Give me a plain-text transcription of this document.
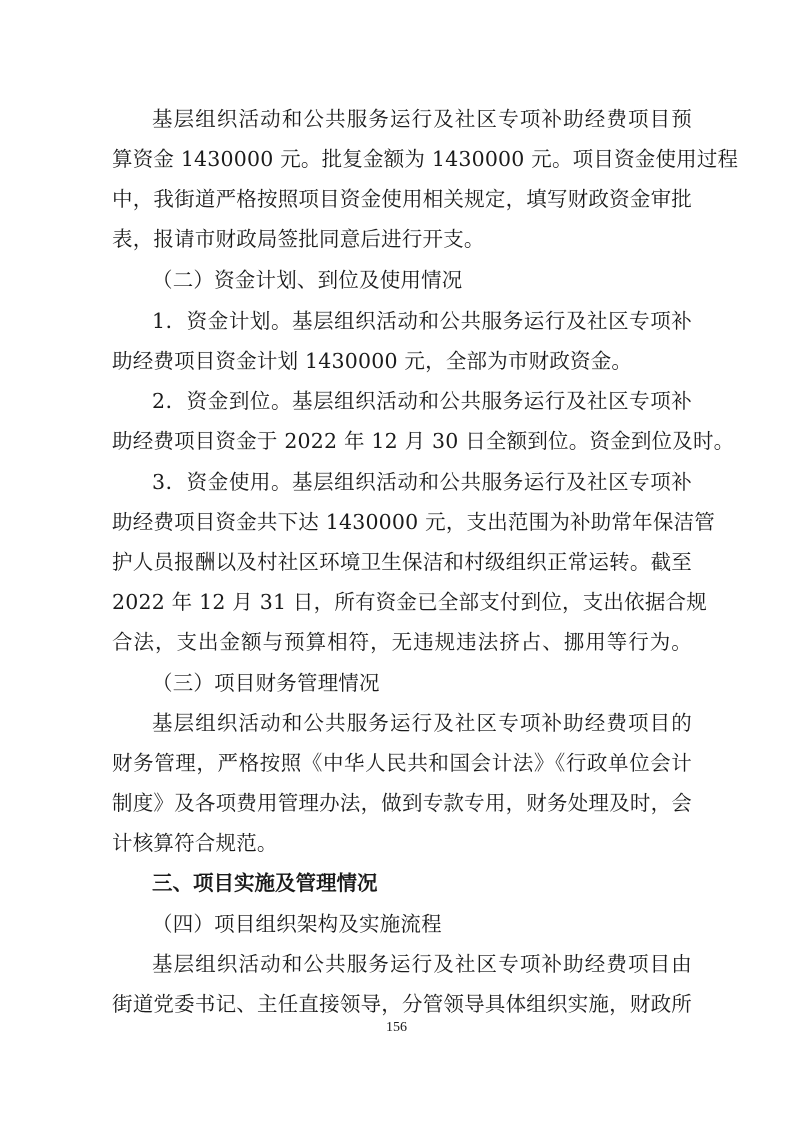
基层组织活动和公共服务运行及社区专项补助经费项目预
算资金 1430000 元。批复金额为 1430000 元。项目资金使用过程
中，我街道严格按照项目资金使用相关规定，填写财政资金审批
表，报请市财政局签批同意后进行开支。
（二）资金计划、到位及使用情况
1．资金计划。基层组织活动和公共服务运行及社区专项补
助经费项目资金计划 1430000 元，全部为市财政资金。
2．资金到位。基层组织活动和公共服务运行及社区专项补
助经费项目资金于 2022 年 12 月 30 日全额到位。资金到位及时。
3．资金使用。基层组织活动和公共服务运行及社区专项补
助经费项目资金共下达 1430000 元，支出范围为补助常年保洁管
护人员报酬以及村社区环境卫生保洁和村级组织正常运转。截至
2022 年 12 月 31 日，所有资金已全部支付到位，支出依据合规
合法，支出金额与预算相符，无违规违法挤占、挪用等行为。
（三）项目财务管理情况
基层组织活动和公共服务运行及社区专项补助经费项目的
财务管理，严格按照《中华人民共和国会计法》《行政单位会计
制度》及各项费用管理办法，做到专款专用，财务处理及时，会
计核算符合规范。
三、项目实施及管理情况
（四）项目组织架构及实施流程
基层组织活动和公共服务运行及社区专项补助经费项目由
街道党委书记、主任直接领导，分管领导具体组织实施，财政所
156
